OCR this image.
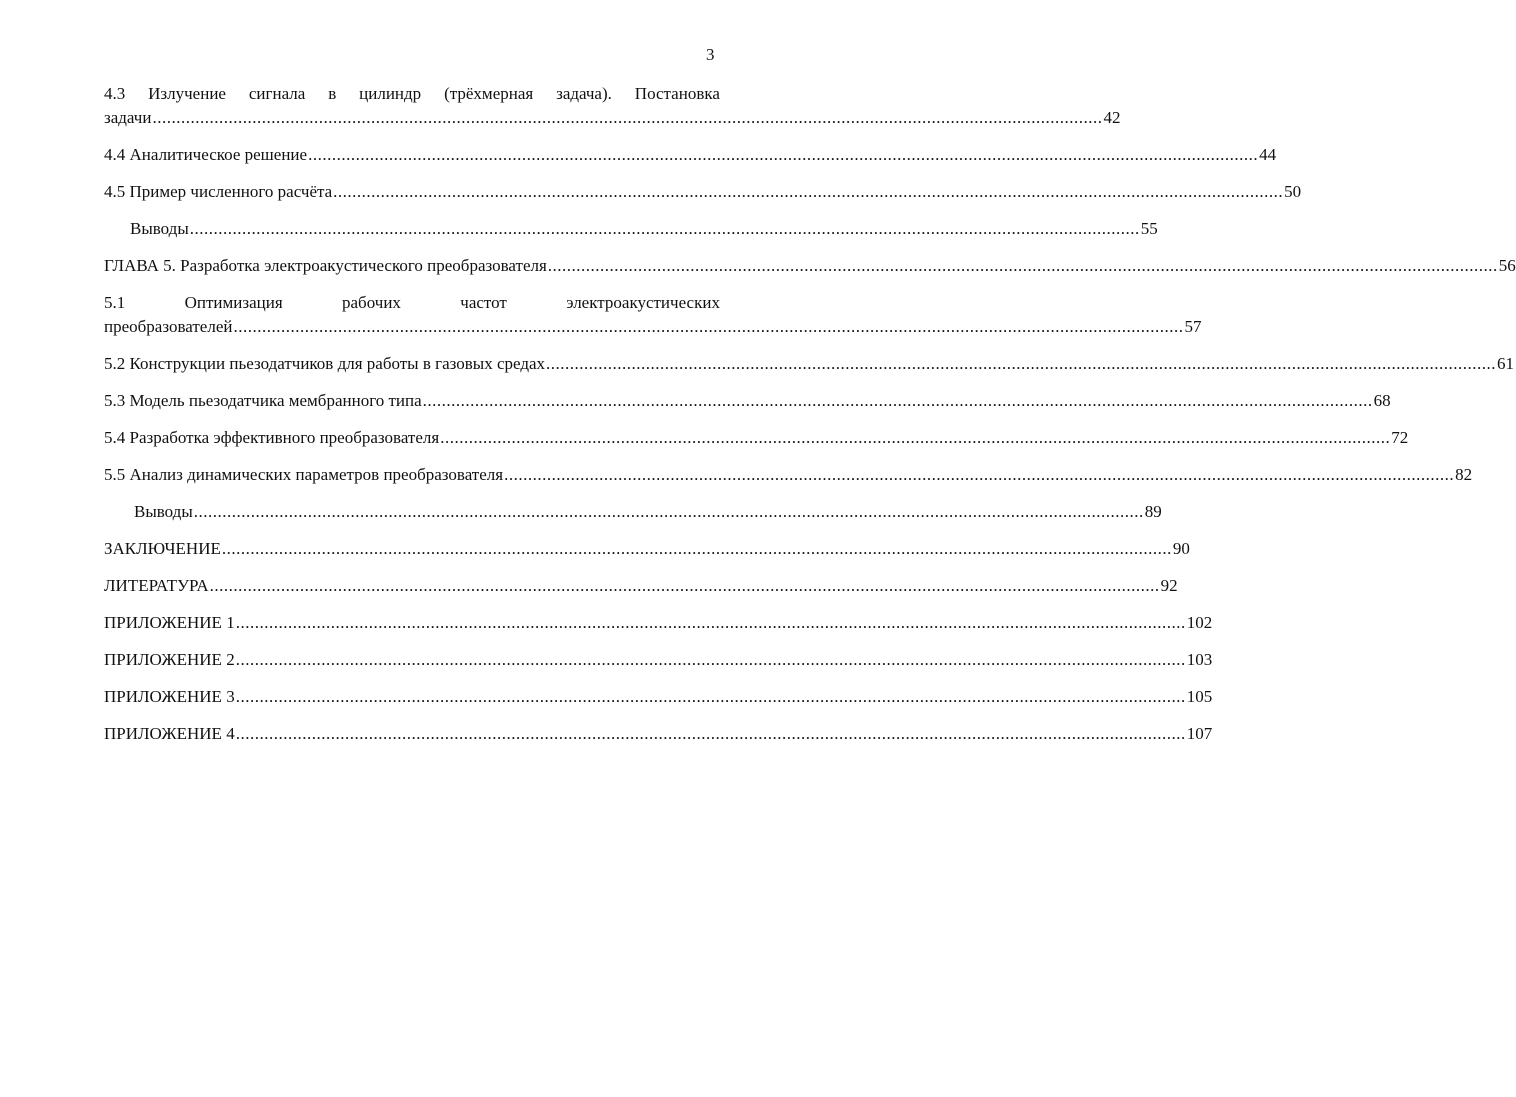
3
4.3 Излучение сигнала в цилиндр (трёхмерная задача). Постановка
задачи ........................................................................................................................................................................................................ 42
4.4 Аналитическое решение ........................................................................................................................................................................................................ 44
4.5 Пример численного расчёта ........................................................................................................................................................................................................ 50
Выводы ........................................................................................................................................................................................................ 55
ГЛАВА 5. Разработка электроакустического преобразователя ........................................................................................................................................................................................................ 56
5.1	Оптимизация	рабочих	частот	электроакустических
преобразователей ........................................................................................................................................................................................................ 57
5.2 Конструкции пьезодатчиков для работы в газовых средах ........................................................................................................................................................................................................ 61
5.3 Модель пьезодатчика мембранного типа ........................................................................................................................................................................................................ 68
5.4 Разработка эффективного преобразователя ........................................................................................................................................................................................................ 72
5.5 Анализ динамических параметров преобразователя ........................................................................................................................................................................................................ 82
Выводы ........................................................................................................................................................................................................ 89
ЗАКЛЮЧЕНИЕ ........................................................................................................................................................................................................ 90
ЛИТЕРАТУРА ........................................................................................................................................................................................................ 92
ПРИЛОЖЕНИЕ 1 ........................................................................................................................................................................................................ 102
ПРИЛОЖЕНИЕ 2 ........................................................................................................................................................................................................ 103
ПРИЛОЖЕНИЕ 3 ........................................................................................................................................................................................................ 105
ПРИЛОЖЕНИЕ 4 ........................................................................................................................................................................................................ 107
